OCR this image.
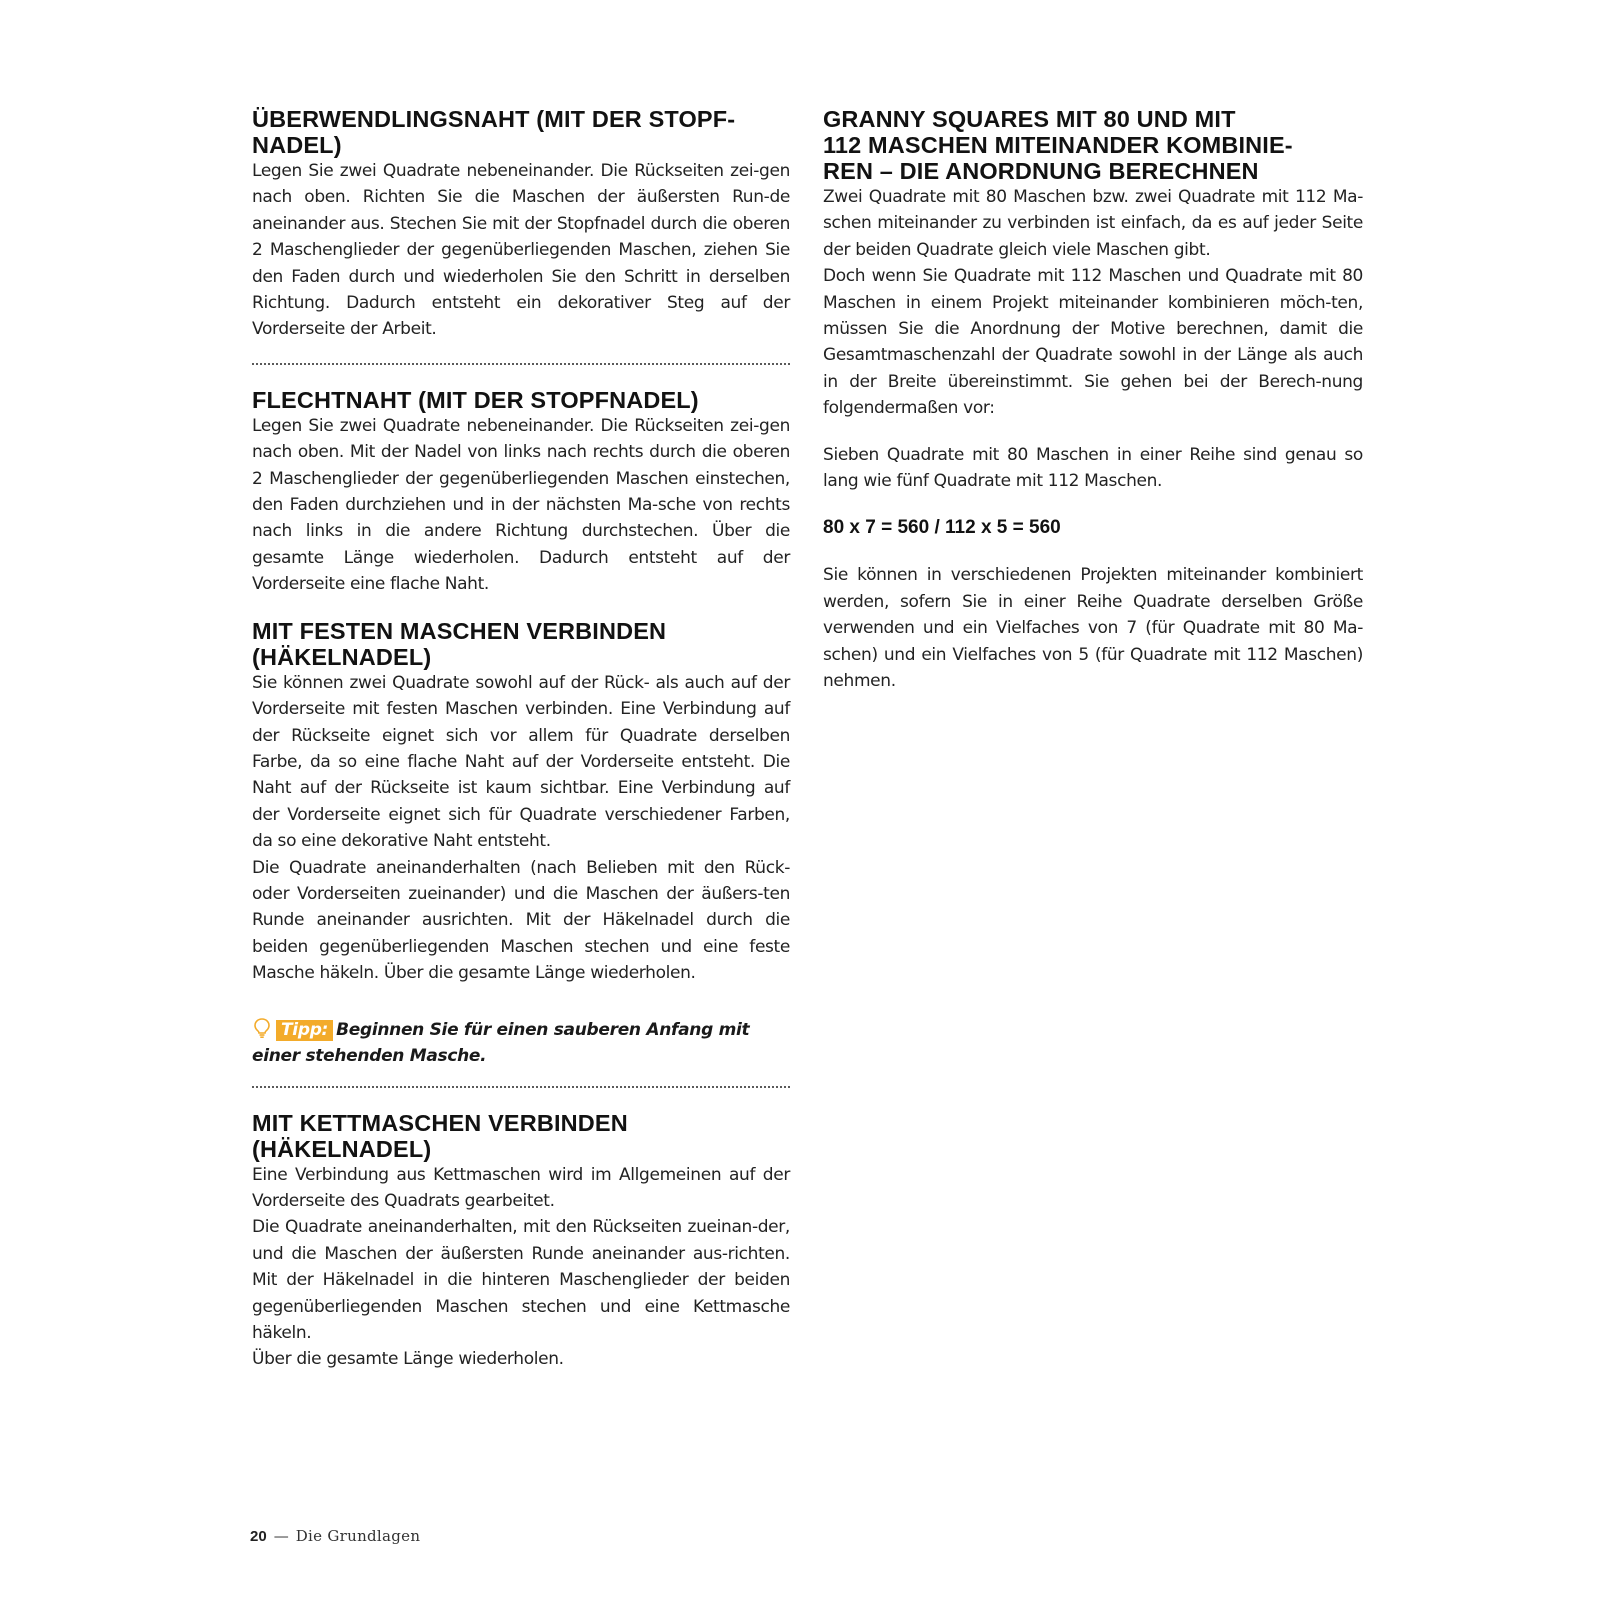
ÜBERWENDLINGSNAHT (MIT DER STOPF-
NADEL)

Legen Sie zwei Quadrate nebeneinander. Die Rückseiten zei-gen nach oben. Richten Sie die Maschen der äußersten Run-de aneinander aus. Stechen Sie mit der Stopfnadel durch die oberen 2 Maschenglieder der gegenüberliegenden Maschen, ziehen Sie den Faden durch und wiederholen Sie den Schritt in derselben Richtung. Dadurch entsteht ein dekorativer Steg auf der Vorderseite der Arbeit.

FLECHTNAHT (MIT DER STOPFNADEL)

Legen Sie zwei Quadrate nebeneinander. Die Rückseiten zei-gen nach oben. Mit der Nadel von links nach rechts durch die oberen 2 Maschenglieder der gegenüberliegenden Maschen einstechen, den Faden durchziehen und in der nächsten Ma-sche von rechts nach links in die andere Richtung durchstechen. Über die gesamte Länge wiederholen. Dadurch entsteht auf der Vorderseite eine flache Naht.

MIT FESTEN MASCHEN VERBINDEN
(HÄKELNADEL)

Sie können zwei Quadrate sowohl auf der Rück- als auch auf der Vorderseite mit festen Maschen verbinden. Eine Verbindung auf der Rückseite eignet sich vor allem für Quadrate derselben Farbe, da so eine flache Naht auf der Vorderseite entsteht. Die Naht auf der Rückseite ist kaum sichtbar. Eine Verbindung auf der Vorderseite eignet sich für Quadrate verschiedener Farben, da so eine dekorative Naht entsteht.

Die Quadrate aneinanderhalten (nach Belieben mit den Rück-oder Vorderseiten zueinander) und die Maschen der äußers-ten Runde aneinander ausrichten. Mit der Häkelnadel durch die beiden gegenüberliegenden Maschen stechen und eine feste Masche häkeln. Über die gesamte Länge wiederholen.

Tipp: Beginnen Sie für einen sauberen Anfang mit einer stehenden Masche.
MIT KETTMASCHEN VERBINDEN
(HÄKELNADEL)

Eine Verbindung aus Kettmaschen wird im Allgemeinen auf der Vorderseite des Quadrats gearbeitet.

Die Quadrate aneinanderhalten, mit den Rückseiten zueinan-der, und die Maschen der äußersten Runde aneinander aus-richten. Mit der Häkelnadel in die hinteren Maschenglieder der beiden gegenüberliegenden Maschen stechen und eine Kettmasche häkeln.

Über die gesamte Länge wiederholen.

GRANNY SQUARES MIT 80 UND MIT
112 MASCHEN MITEINANDER KOMBINIE-
REN – DIE ANORDNUNG BERECHNEN

Zwei Quadrate mit 80 Maschen bzw. zwei Quadrate mit 112 Ma-schen miteinander zu verbinden ist einfach, da es auf jeder Seite der beiden Quadrate gleich viele Maschen gibt.

Doch wenn Sie Quadrate mit 112 Maschen und Quadrate mit 80 Maschen in einem Projekt miteinander kombinieren möch-ten, müssen Sie die Anordnung der Motive berechnen, damit die Gesamtmaschenzahl der Quadrate sowohl in der Länge als auch in der Breite übereinstimmt. Sie gehen bei der Berech-nung folgendermaßen vor:

Sieben Quadrate mit 80 Maschen in einer Reihe sind genau so lang wie fünf Quadrate mit 112 Maschen.

80 x 7 = 560 / 112 x 5 = 560

Sie können in verschiedenen Projekten miteinander kombiniert werden, sofern Sie in einer Reihe Quadrate derselben Größe verwenden und ein Vielfaches von 7 (für Quadrate mit 80 Ma-schen) und ein Vielfaches von 5 (für Quadrate mit 112 Maschen) nehmen.

20 — Die Grundlagen
